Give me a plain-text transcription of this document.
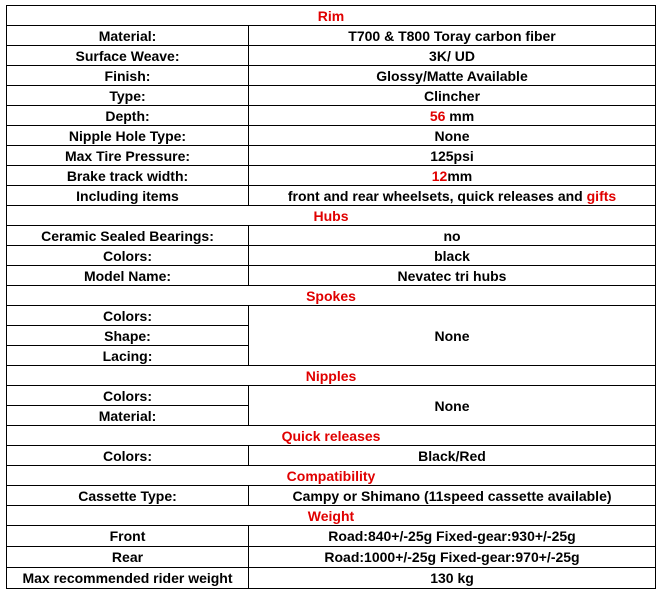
Rim	
Material:	T700 & T800 Toray carbon fiber
Surface Weave:	3K/ UD
Finish:	Glossy/Matte Available
Type:	Clincher
Depth:	56 mm
Nipple Hole Type:	None
Max Tire Pressure:	125psi
Brake track width:	12mm
Including items	front and rear wheelsets, quick releases and gifts
Hubs	
Ceramic Sealed Bearings:	no
Colors:	black
Model Name:	Nevatec tri hubs
Spokes	
Colors:	None
Shape:	
Lacing:	
Nipples	
Colors:	None
Material:	
Quick releases	
Colors:	Black/Red
Compatibility	
Cassette Type:	Campy or Shimano (11speed cassette available)
Weight	
Front	Road:840+/-25g Fixed-gear:930+/-25g
Rear	Road:1000+/-25g Fixed-gear:970+/-25g
Max recommended rider weight	130 kg
